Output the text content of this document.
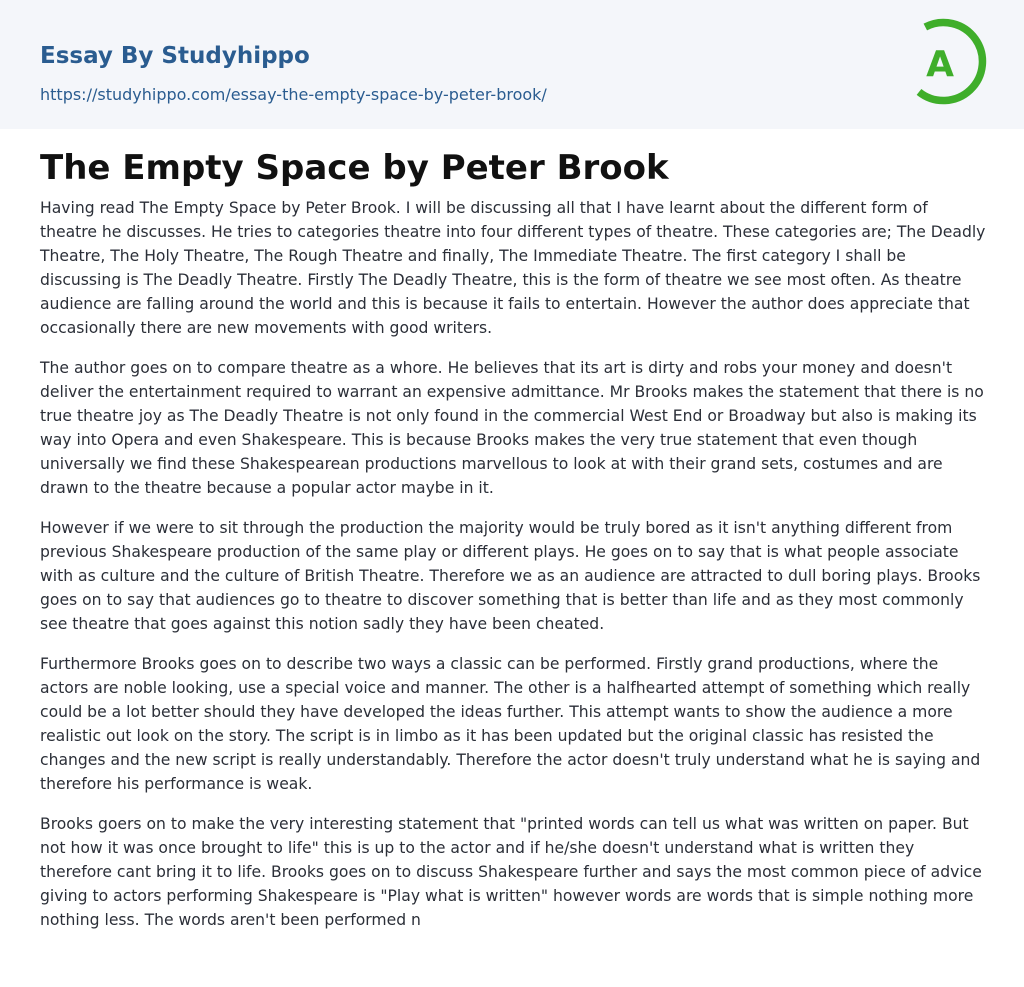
Essay By Studyhippo
https://studyhippo.com/essay-the-empty-space-by-peter-brook/
A
The Empty Space by Peter Brook

Having read The Empty Space by Peter Brook. I will be discussing all that I have learnt about the different form of theatre he discusses. He tries to categories theatre into four different types of theatre. These categories are; The Deadly Theatre, The Holy Theatre, The Rough Theatre and finally, The Immediate Theatre. The first category I shall be discussing is The Deadly Theatre. Firstly The Deadly Theatre, this is the form of theatre we see most often. As theatre audience are falling around the world and this is because it fails to entertain. However the author does appreciate that occasionally there are new movements with good writers.

The author goes on to compare theatre as a whore. He believes that its art is dirty and robs your money and doesn't deliver the entertainment required to warrant an expensive admittance. Mr Brooks makes the statement that there is no true theatre joy as The Deadly Theatre is not only found in the commercial West End or Broadway but also is making its way into Opera and even Shakespeare. This is because Brooks makes the very true statement that even though universally we find these Shakespearean productions marvellous to look at with their grand sets, costumes and are drawn to the theatre because a popular actor maybe in it.

However if we were to sit through the production the majority would be truly bored as it isn't anything different from previous Shakespeare production of the same play or different plays. He goes on to say that is what people associate with as culture and the culture of British Theatre. Therefore we as an audience are attracted to dull boring plays. Brooks goes on to say that audiences go to theatre to discover something that is better than life and as they most commonly see theatre that goes against this notion sadly they have been cheated.

Furthermore Brooks goes on to describe two ways a classic can be performed. Firstly grand productions, where the actors are noble looking, use a special voice and manner. The other is a halfhearted attempt of something which really could be a lot better should they have developed the ideas further. This attempt wants to show the audience a more realistic out look on the story. The script is in limbo as it has been updated but the original classic has resisted the changes and the new script is really understandably. Therefore the actor doesn't truly understand what he is saying and therefore his performance is weak.

Brooks goers on to make the very interesting statement that "printed words can tell us what was written on paper. But not how it was once brought to life" this is up to the actor and if he/she doesn't understand what is written they therefore cant bring it to life. Brooks goes on to discuss Shakespeare further and says the most common piece of advice giving to actors performing Shakespeare is "Play what is written" however words are words that is simple nothing more nothing less. The words aren't been performed n
